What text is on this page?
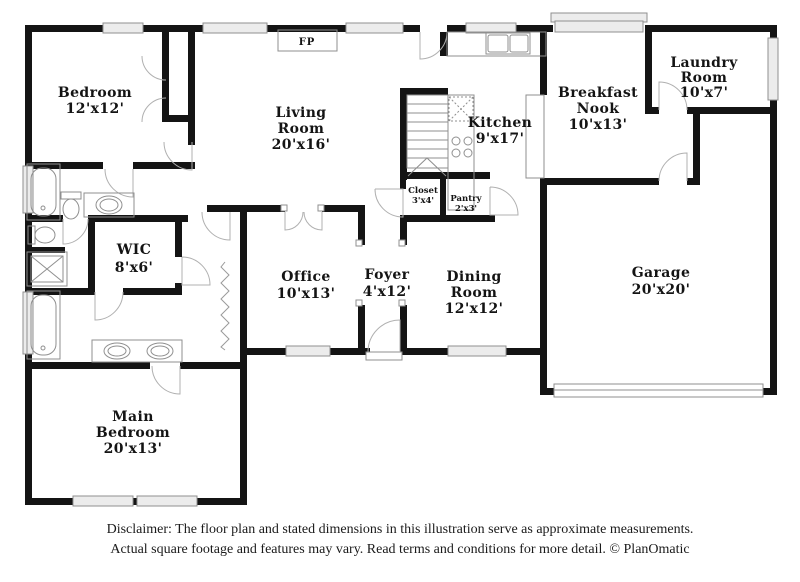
Bedroom
12'x12'	Living
Room
20'x16'
Kitchen
9'x17'
Breakfast
Nook
10'x13'
Laundry
Room
10'x7'
WIC
8'x6'
Office
10'x13'
Foyer
4'x12'
Dining
Room
12'x12'
Garage
20'x20'
Main
Bedroom
20'x13'
Closet
3'x4' Pantry
2'x3'
FP
Disclaimer: The floor plan and stated dimensions in this illustration serve as approximate measurements.
Actual square footage and features may vary. Read terms and conditions for more detail. © PlanOmatic
